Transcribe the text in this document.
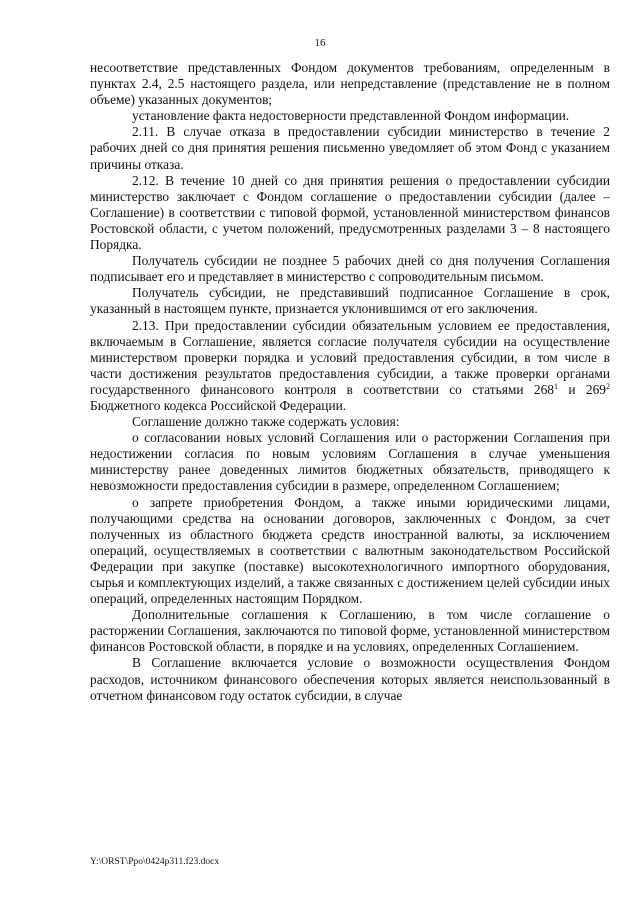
16

несоответствие представленных Фондом документов требованиям, определенным в пунктах 2.4, 2.5 настоящего раздела, или непредставление (представление не в полном объеме) указанных документов;

установление факта недостоверности представленной Фондом информации.

2.11. В случае отказа в предоставлении субсидии министерство в течение 2 рабочих дней со дня принятия решения письменно уведомляет об этом Фонд с указанием причины отказа.

2.12. В течение 10 дней со дня принятия решения о предоставлении субсидии министерство заключает с Фондом соглашение о предоставлении субсидии (далее – Соглашение) в соответствии с типовой формой, установленной министерством финансов Ростовской области, с учетом положений, предусмотренных разделами 3 – 8 настоящего Порядка.

Получатель субсидии не позднее 5 рабочих дней со дня получения Соглашения подписывает его и представляет в министерство с сопроводительным письмом.

Получатель субсидии, не представивший подписанное Соглашение в срок, указанный в настоящем пункте, признается уклонившимся от его заключения.

2.13. При предоставлении субсидии обязательным условием ее предоставления, включаемым в Соглашение, является согласие получателя субсидии на осуществление министерством проверки порядка и условий предоставления субсидии, в том числе в части достижения результатов предоставления субсидии, а также проверки органами государственного финансового контроля в соответствии со статьями $268^1$ и $269^2$ Бюджетного кодекса Российской Федерации.

Соглашение должно также содержать условия:

о согласовании новых условий Соглашения или о расторжении Соглашения при недостижении согласия по новым условиям Соглашения в случае уменьшения министерству ранее доведенных лимитов бюджетных обязательств, приводящего к невозможности предоставления субсидии в размере, определенном Соглашением;

о запрете приобретения Фондом, а также иными юридическими лицами, получающими средства на основании договоров, заключенных с Фондом, за счет полученных из областного бюджета средств иностранной валюты, за исключением операций, осуществляемых в соответствии с валютным законодательством Российской Федерации при закупке (поставке) высокотехнологичного импортного оборудования, сырья и комплектующих изделий, а также связанных с достижением целей субсидии иных операций, определенных настоящим Порядком.

Дополнительные соглашения к Соглашению, в том числе соглашение о расторжении Соглашения, заключаются по типовой форме, установленной министерством финансов Ростовской области, в порядке и на условиях, определенных Соглашением.

В Соглашение включается условие о возможности осуществления Фондом расходов, источником финансового обеспечения которых является неиспользованный в отчетном финансовом году остаток субсидии, в случае

Y:\ORST\Ppo\0424p311.f23.docx
